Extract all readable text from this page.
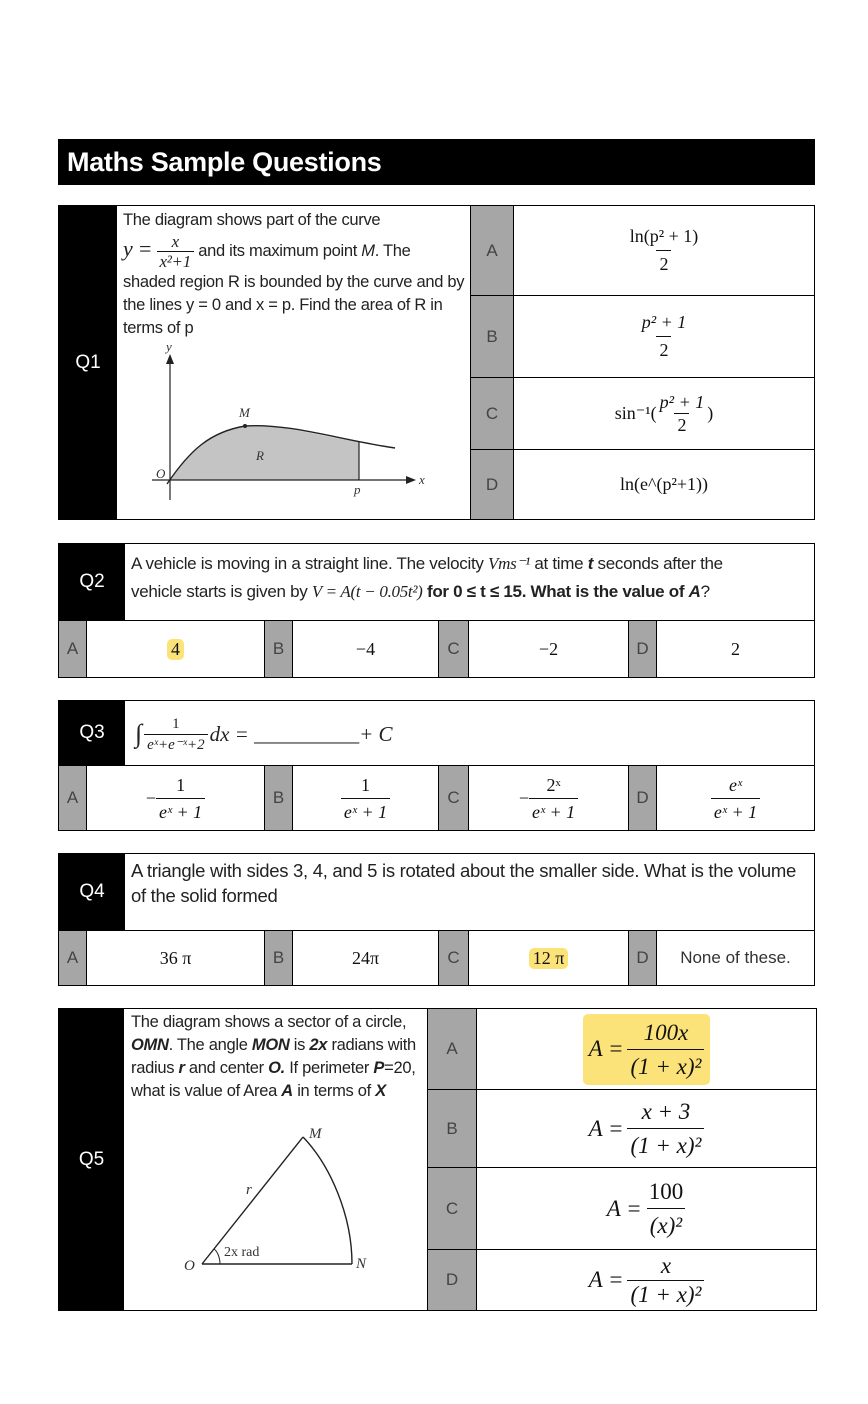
Maths Sample Questions
Q1
The diagram shows part of the curve
$y = \frac{x}{\text{x²+1}}$ and its maximum point M. The shaded region R is bounded by the curve and by the lines y = 0 and x = p. Find the area of R in terms of p
y
x
O
M
R
p
A	$\frac{\text{ln(p² + 1)}}{2}$
B	$\frac{\text{p² + 1}}{2}$
C	$\sin^{-1}( \frac{\text{p² + 1}}{2}$ )
D	ln(e^(p²+1))
Q2
A vehicle is moving in a straight line. The velocity Vms⁻¹ at time t seconds after the
vehicle starts is given by V = A(t − 0.05t²) for 0 ≤ t ≤ 15. What is the value of A?
A	4	B	−4	C	−2	D	2
Q3	∫ $\frac{1}{\text{eˣ+e⁻ˣ+2}}$ dx = __________+ C
A	− $\frac{1}{\text{eˣ + 1}}$	B	$\frac{1}{\text{eˣ + 1}}$	C	− $\frac{\text{2ˣ}}{\text{eˣ + 1}}$	D	$\frac{\text{eˣ}}{\text{eˣ + 1}}$
Q4
A triangle with sides 3, 4, and 5 is rotated about the smaller side. What is the volume of the solid formed
A	36 π	B	24π	C	12 π	D	None of these.
Q5
The diagram shows a sector of a circle, OMN. The angle MON is 2x radians with radius r and center O. If perimeter P=20, what is value of Area A in terms of X
O
M
N
r
2x rad
A	$A = \frac{100x}{\text{(1 + x)²}}$
B	$A = \frac{x + 3}{\text{(1 + x)²}}$
C	$A = \frac{100}{\text{(x)²}}$
D	$A = \frac{x}{\text{(1 + x)²}}$
